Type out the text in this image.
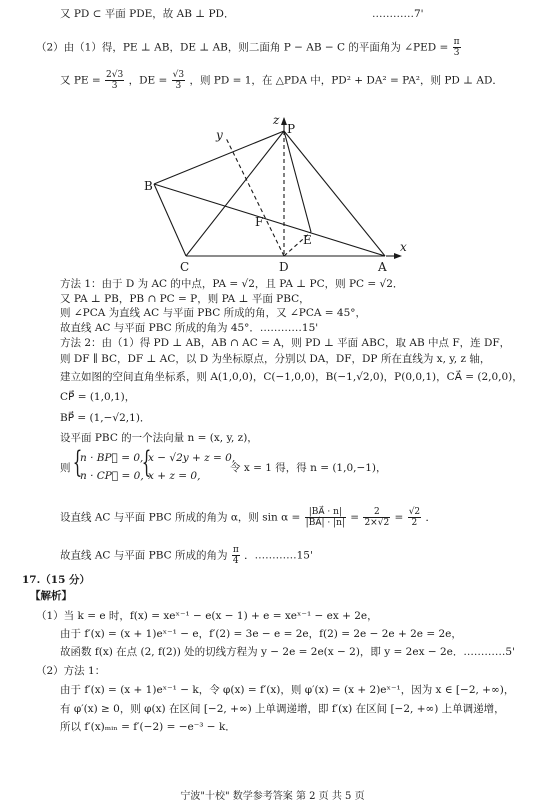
又 PD ⊂ 平面 PDE，故 AB ⊥ PD．	…………7'
（2）由（1）得，PE ⊥ AB，DE ⊥ AB，则二面角 P − AB − C 的平面角为 ∠PED = $\frac{\pi}{3}$
又 PE = $\frac{2√3}{3}$ ，DE = $\frac{√3}{3}$ ，则 PD = 1，在 △PDA 中，PD² + DA² = PA²，则 PD ⊥ AD．
P
B
C	D	A
E
F
x
y
z
方法 1：由于 D 为 AC 的中点，PA = √2，且 PA ⊥ PC，则 PC = √2．
又 PA ⊥ PB，PB ∩ PC = P，则 PA ⊥ 平面 PBC，
则 ∠PCA 为直线 AC 与平面 PBC 所成的角，又 ∠PCA = 45°，
故直线 AC 与平面 PBC 所成的角为 45°．…………15'
方法 2：由（1）得 PD ⊥ AB，AB ∩ AC = A，则 PD ⊥ 平面 ABC，取 AB 中点 F，连 DF，
则 DF ∥ BC，DF ⊥ AC，以 D 为坐标原点，分别以 DA，DF，DP 所在直线为 x, y, z 轴，
建立如图的空间直角坐标系，则 A(1,0,0)，C(−1,0,0)，B(−1,√2,0)，P(0,0,1)，CA⃗ = (2,0,0)，
CP⃗ = (1,0,1)，
BP⃗ = (1,−√2,1)．
设平面 PBC 的一个法向量 n = (x, y, z)，
则 {
n · BP⃗ = 0,
n · CP⃗ = 0,
{
x − √2y + z = 0,
x + z = 0,
令 x = 1 得，得 n = (1,0,−1)，
设直线 AC 与平面 PBC 所成的角为 α，则 $\sin \alpha = \frac{|BA⃗ \cdot n|}{|BA⃗| \cdot |n|} = \frac{2}{2\times√2} = \frac{√2}{2}$ ．
故直线 AC 与平面 PBC 所成的角为 $\frac{\pi}{4}$ ．…………15'
17.（15 分）
【解析】
（1）当 k = e 时，f(x) = xeˣ⁻¹ − e(x − 1) + e = xeˣ⁻¹ − ex + 2e，
由于 f′(x) = (x + 1)eˣ⁻¹ − e，f′(2) = 3e − e = 2e，f(2) = 2e − 2e + 2e = 2e，
故函数 f(x) 在点 (2, f(2)) 处的切线方程为 y − 2e = 2e(x − 2)，即 y = 2ex − 2e．…………5'
（2）方法 1：
由于 f′(x) = (x + 1)eˣ⁻¹ − k，令 φ(x) = f′(x)，则 φ′(x) = (x + 2)eˣ⁻¹，因为 x ∈ [−2, +∞)，
有 φ′(x) ≥ 0，则 φ(x) 在区间 [−2, +∞) 上单调递增，即 f′(x) 在区间 [−2, +∞) 上单调递增，
所以 f′(x)ₘᵢₙ = f′(−2) = −e⁻³ − k．
宁波"十校" 数学参考答案 第 2 页 共 5 页
